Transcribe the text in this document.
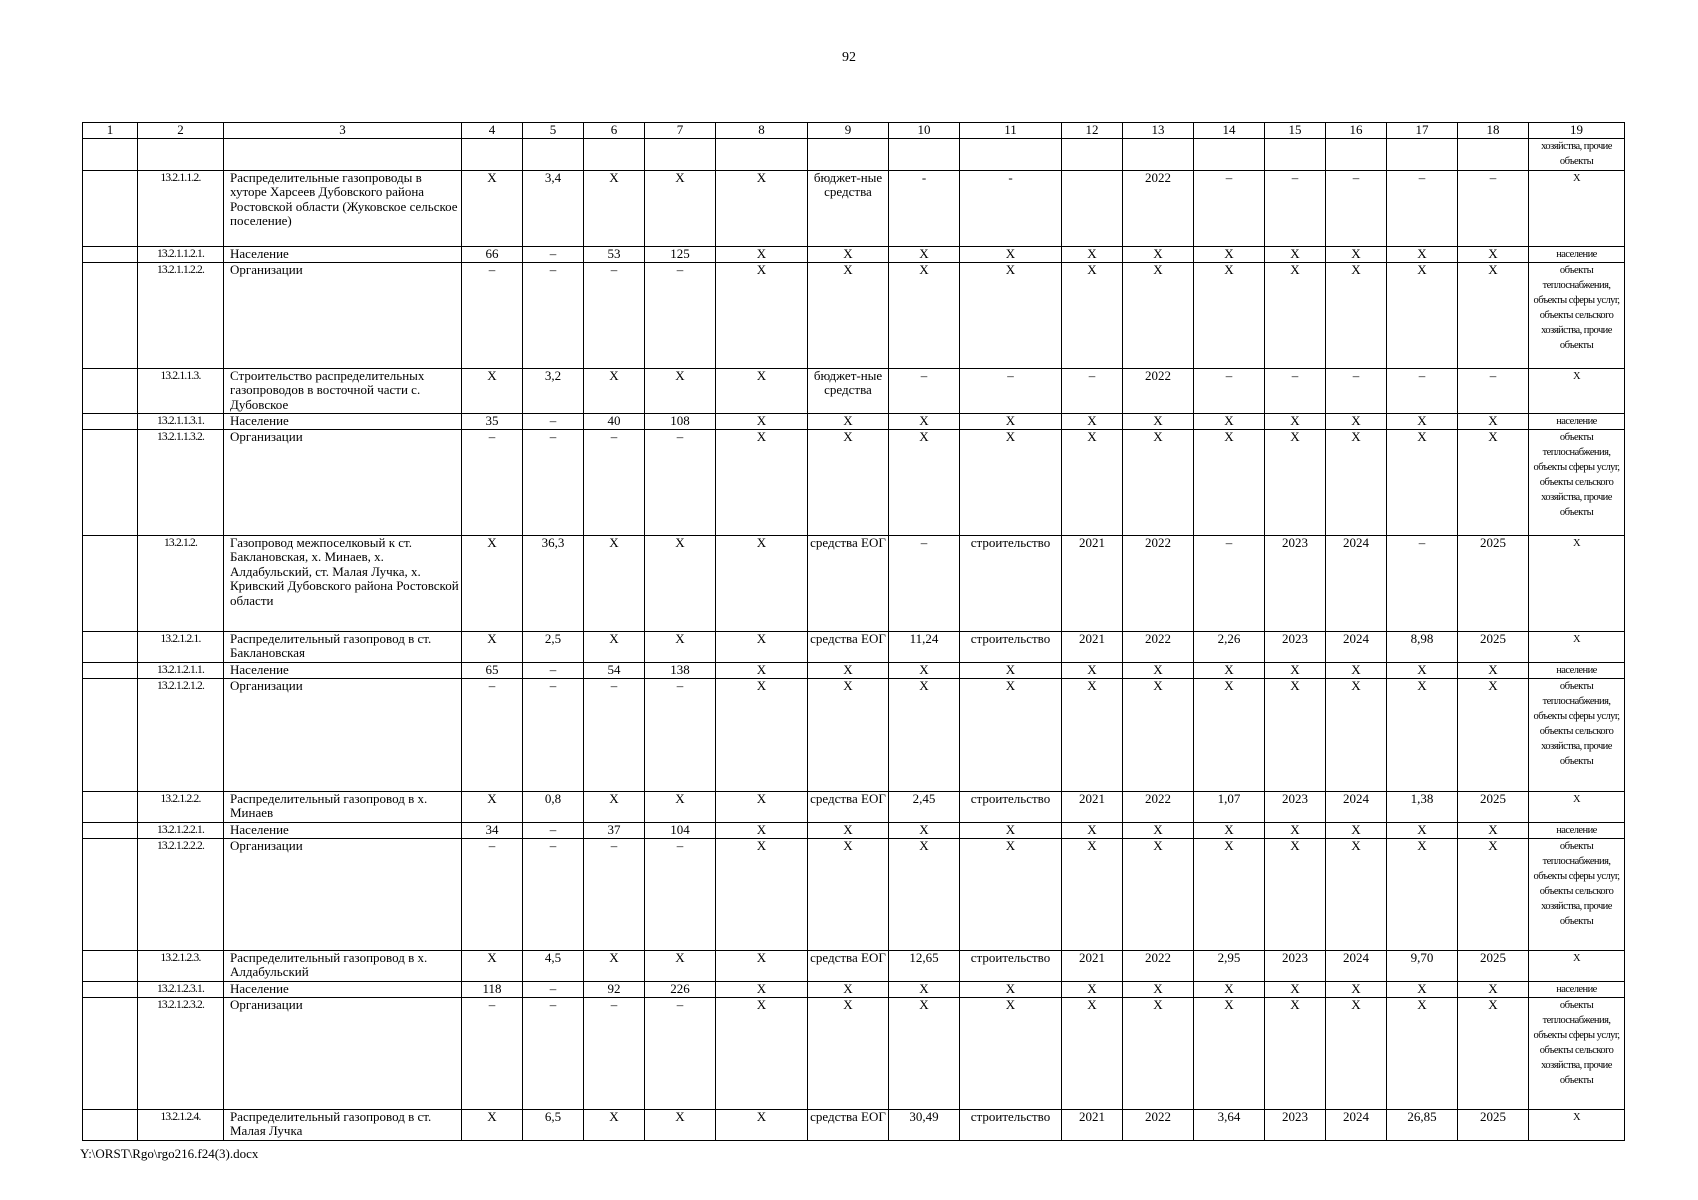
92
1	2	3	4	5	6	7	8	9	10	11	12	13	14	15	16	17	18	19
																		хозяйства, прочие объекты
	13.2.1.1.2.	Распределительные газопроводы в хуторе Харсеев Дубовского района Ростовской области (Жуковское сельское поселение)	X	3,4	X	X	X	бюджет-ные средства	-	-		2022	–	–	–	–	–	X
	13.2.1.1.2.1.	Население	66	–	53	125	X	X	X	X	X	X	X	X	X	X	X	население
	13.2.1.1.2.2.	Организации	–	–	–	–	X	X	X	X	X	X	X	X	X	X	X	объекты теплоснабжения, объекты сферы услуг, объекты сельского хозяйства, прочие объекты
	13.2.1.1.3.	Строительство распределительных газопроводов в восточной части с. Дубовское	X	3,2	X	X	X	бюджет-ные средства	–	–	–	2022	–	–	–	–	–	X
	13.2.1.1.3.1.	Население	35	–	40	108	X	X	X	X	X	X	X	X	X	X	X	население
	13.2.1.1.3.2.	Организации	–	–	–	–	X	X	X	X	X	X	X	X	X	X	X	объекты теплоснабжения, объекты сферы услуг, объекты сельского хозяйства, прочие объекты
	13.2.1.2.	Газопровод межпоселковый к ст. Баклановская, х. Минаев, х. Алдабульский, ст. Малая Лучка, х. Кривский Дубовского района Ростовской области	X	36,3	X	X	X	средства ЕОГ	–	строительство	2021	2022	–	2023	2024	–	2025	X
	13.2.1.2.1.	Распределительный газопровод в ст. Баклановская	X	2,5	X	X	X	средства ЕОГ	11,24	строительство	2021	2022	2,26	2023	2024	8,98	2025	X
	13.2.1.2.1.1.	Население	65	–	54	138	X	X	X	X	X	X	X	X	X	X	X	население
	13.2.1.2.1.2.	Организации	–	–	–	–	X	X	X	X	X	X	X	X	X	X	X	объекты теплоснабжения, объекты сферы услуг, объекты сельского хозяйства, прочие объекты
	13.2.1.2.2.	Распределительный газопровод в х. Минаев	X	0,8	X	X	X	средства ЕОГ	2,45	строительство	2021	2022	1,07	2023	2024	1,38	2025	X
	13.2.1.2.2.1.	Население	34	–	37	104	X	X	X	X	X	X	X	X	X	X	X	население
	13.2.1.2.2.2.	Организации	–	–	–	–	X	X	X	X	X	X	X	X	X	X	X	объекты теплоснабжения, объекты сферы услуг, объекты сельского хозяйства, прочие объекты
	13.2.1.2.3.	Распределительный газопровод в х. Алдабульский	X	4,5	X	X	X	средства ЕОГ	12,65	строительство	2021	2022	2,95	2023	2024	9,70	2025	X
	13.2.1.2.3.1.	Население	118	–	92	226	X	X	X	X	X	X	X	X	X	X	X	население
	13.2.1.2.3.2.	Организации	–	–	–	–	X	X	X	X	X	X	X	X	X	X	X	объекты теплоснабжения, объекты сферы услуг, объекты сельского хозяйства, прочие объекты
	13.2.1.2.4.	Распределительный газопровод в ст. Малая Лучка	X	6,5	X	X	X	средства ЕОГ	30,49	строительство	2021	2022	3,64	2023	2024	26,85	2025	X
Y:\ORST\Rgo\rgo216.f24(3).docx
